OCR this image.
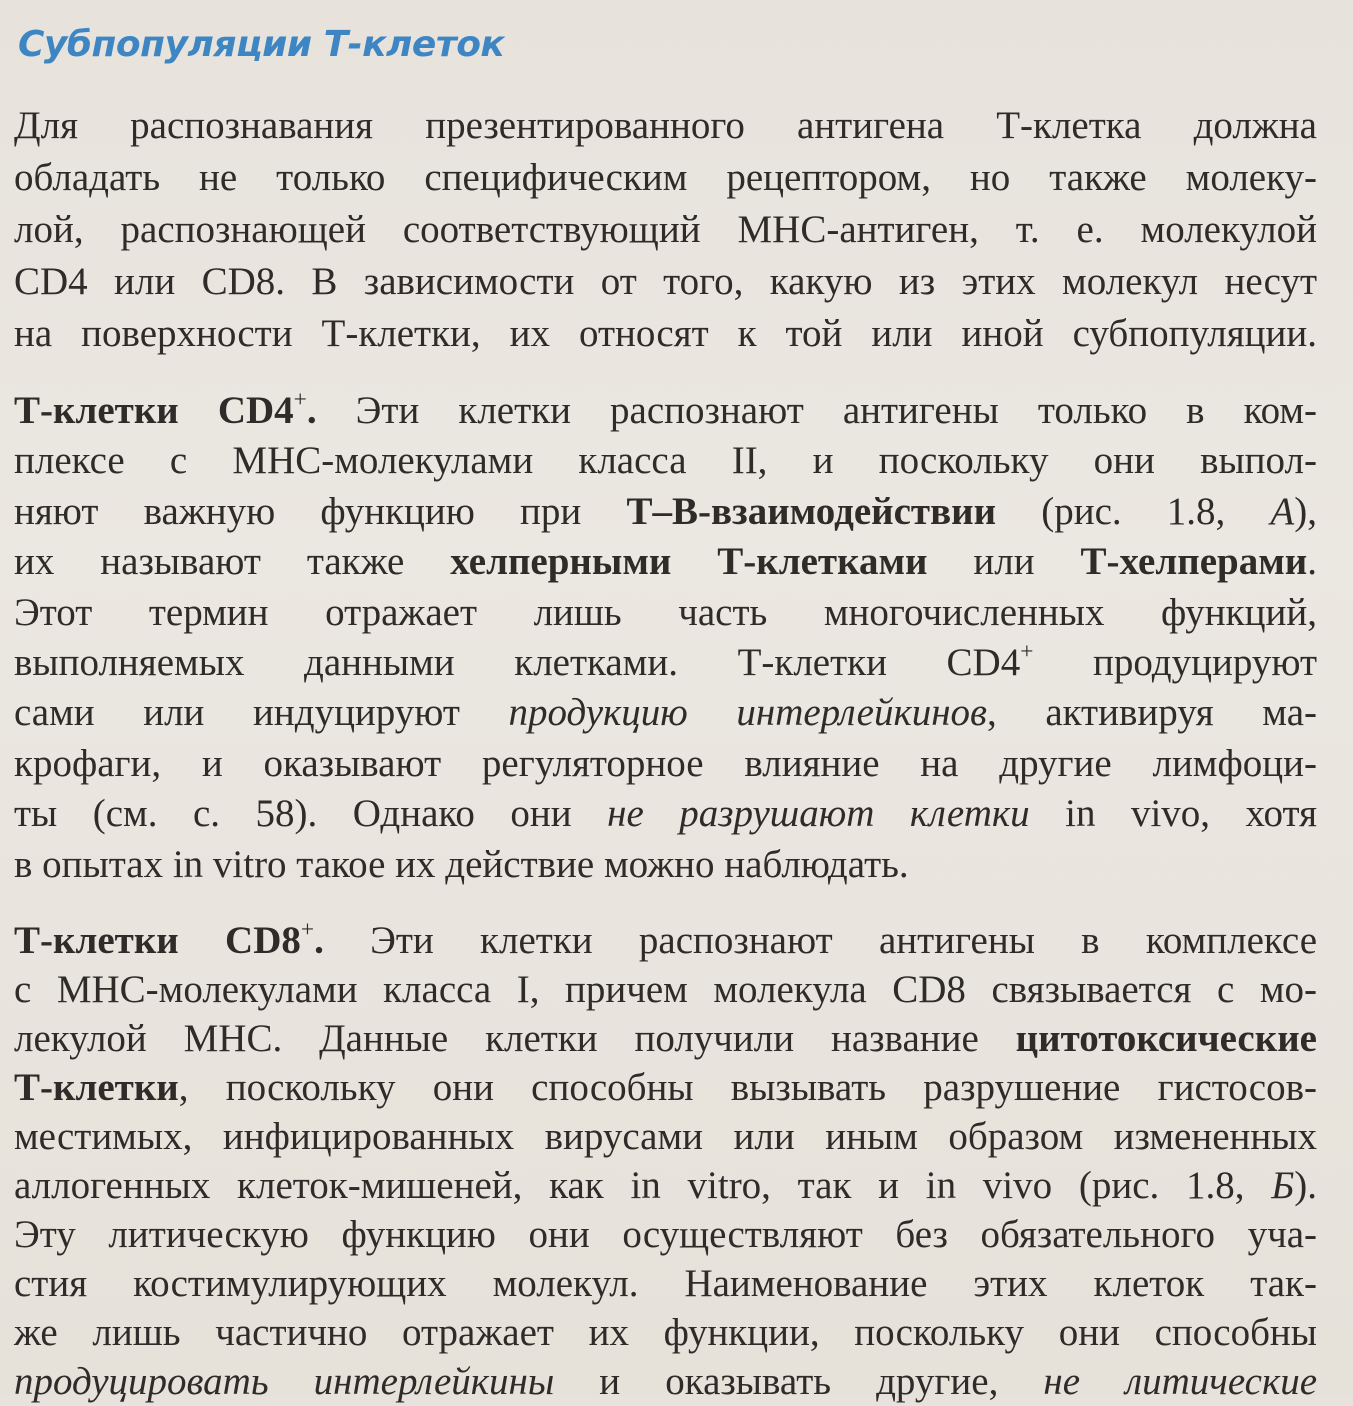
Субпопуляции Т-клеток
Для распознавания презентированного антигена Т-клетка должна
обладать не только специфическим рецептором, но также молеку-
лой, распознающей соответствующий МНС-антиген, т. е. молекулой
CD4 или CD8. В зависимости от того, какую из этих молекул несут
на поверхности Т-клетки, их относят к той или иной субпопуляции.
Т-клетки CD4+. Эти клетки распознают антигены только в ком-
плексе с МНС-молекулами класса II, и поскольку они выпол-
няют важную функцию при Т–В-взаимодействии (рис. 1.8, А),
их называют также хелперными Т-клетками или Т-хелперами.
Этот термин отражает лишь часть многочисленных функций,
выполняемых данными клетками. Т-клетки CD4+ продуцируют
сами или индуцируют продукцию интерлейкинов, активируя ма-
крофаги, и оказывают регуляторное влияние на другие лимфоци-
ты (см. с. 58). Однако они не разрушают клетки in vivo, хотя
в опытах in vitro такое их действие можно наблюдать.
Т-клетки CD8+. Эти клетки распознают антигены в комплексе
с МНС-молекулами класса I, причем молекула CD8 связывается с мо-
лекулой МНС. Данные клетки получили название цитотоксические
Т-клетки, поскольку они способны вызывать разрушение гистосов-
местимых, инфицированных вирусами или иным образом измененных
аллогенных клеток-мишеней, как in vitro, так и in vivo (рис. 1.8, Б).
Эту литическую функцию они осуществляют без обязательного уча-
стия костимулирующих молекул. Наименование этих клеток так-
же лишь частично отражает их функции, поскольку они способны
продуцировать интерлейкины и оказывать другие, не литические
